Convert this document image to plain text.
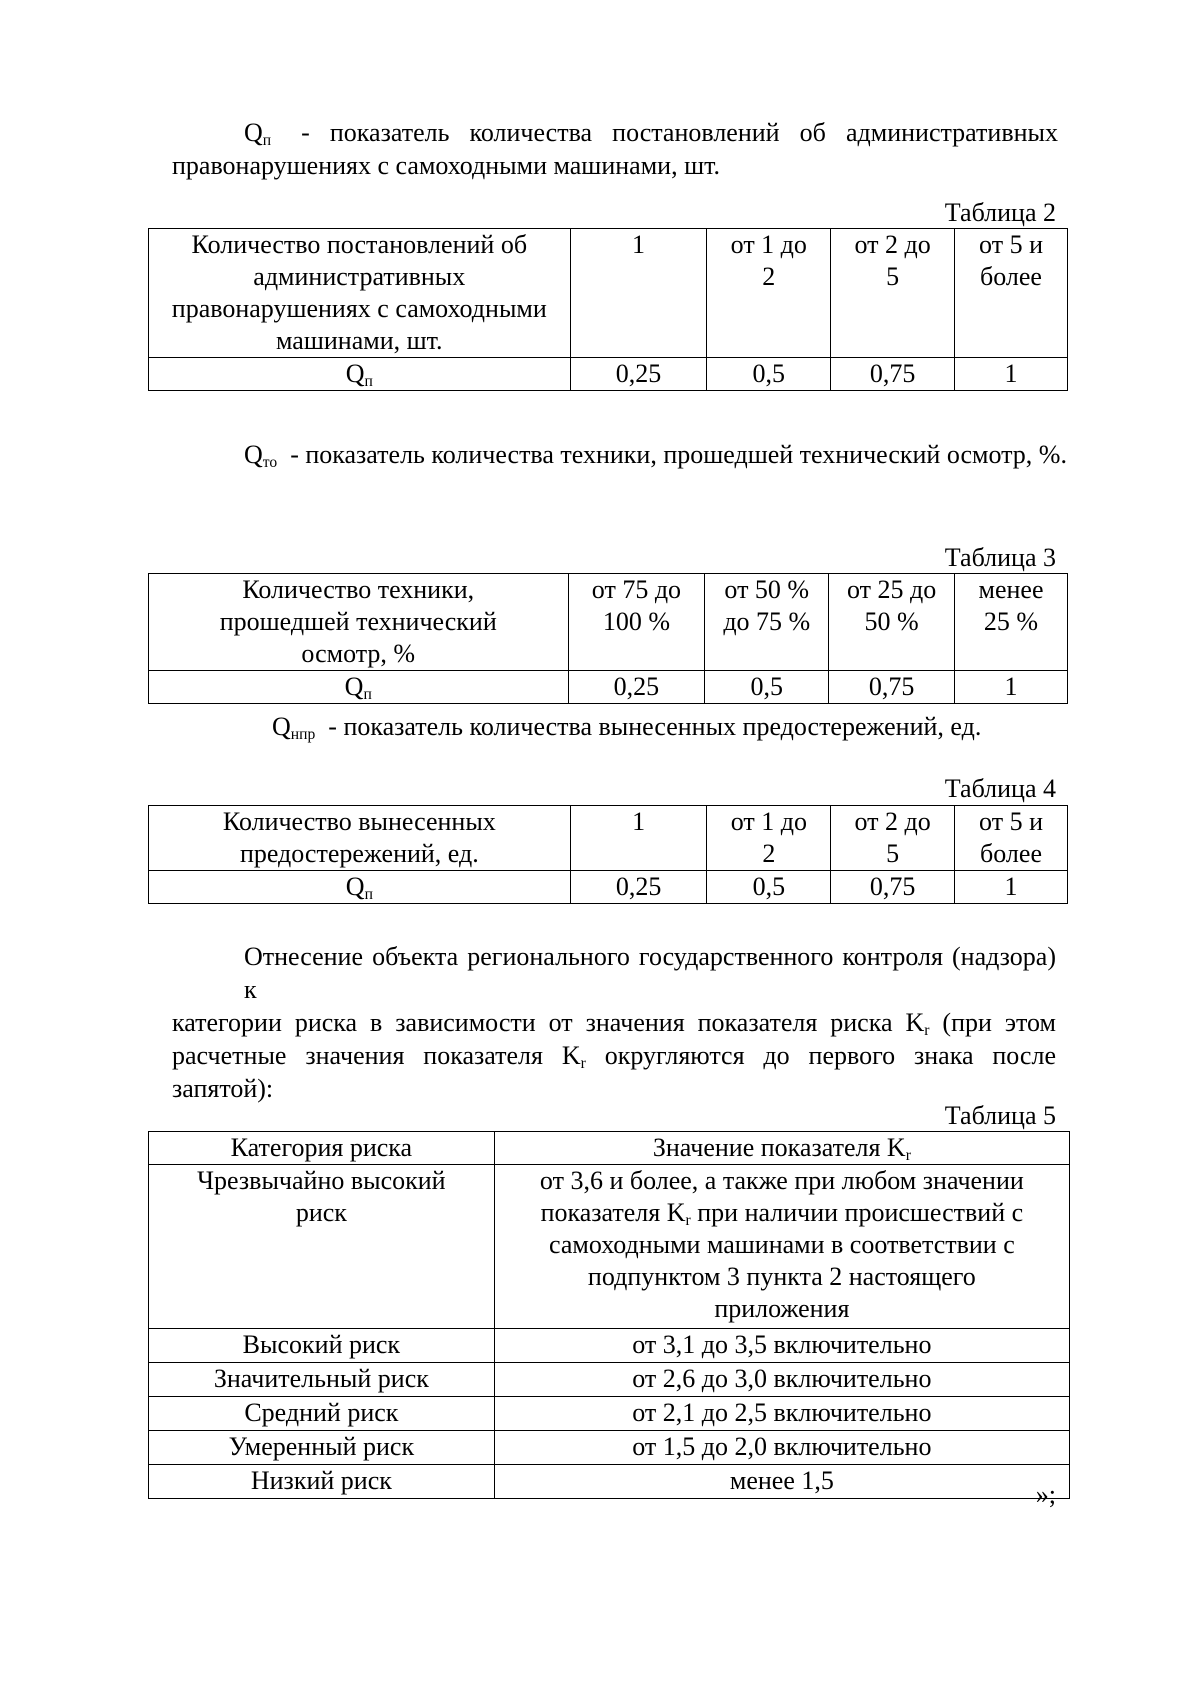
$Q_п$ - показатель количества постановлений об административных
правонарушениях с самоходными машинами, шт.
Таблица 2
Количество постановлений об административных правонарушениях с самоходными машинами, шт.	1	от 1 до 2	от 2 до 5	от 5 и более
$Q_п$	0,25	0,5	0,75	1
$Q_{то}$ - показатель количества техники, прошедшей технический осмотр, %.
Таблица 3
Количество техники, прошедшей технический осмотр, %	от 75 до 100 %	от 50 % до 75 %	от 25 до 50 %	менее 25 %
$Q_п$	0,25	0,5	0,75	1
$Q_{нпр}$ - показатель количества вынесенных предостережений, ед.
Таблица 4
Количество вынесенных предостережений, ед.	1	от 1 до 2	от 2 до 5	от 5 и более
$Q_п$	0,25	0,5	0,75	1
Отнесение объекта регионального государственного контроля (надзора) к
категории риска в зависимости от значения показателя риска $K_r$ (при этом
расчетные значения показателя $K_r$ округляются до первого знака после
запятой):
Таблица 5
Категория риска	Значение показателя $K_r$
Чрезвычайно высокий риск	от 3,6 и более, а также при любом значении показателя $K_r$ при наличии происшествий с самоходными машинами в соответствии с подпунктом 3 пункта 2 настоящего приложения
Высокий риск	от 3,1 до 3,5 включительно
Значительный риск	от 2,6 до 3,0 включительно
Средний риск	от 2,1 до 2,5 включительно
Умеренный риск	от 1,5 до 2,0 включительно
Низкий риск	менее 1,5	»;
